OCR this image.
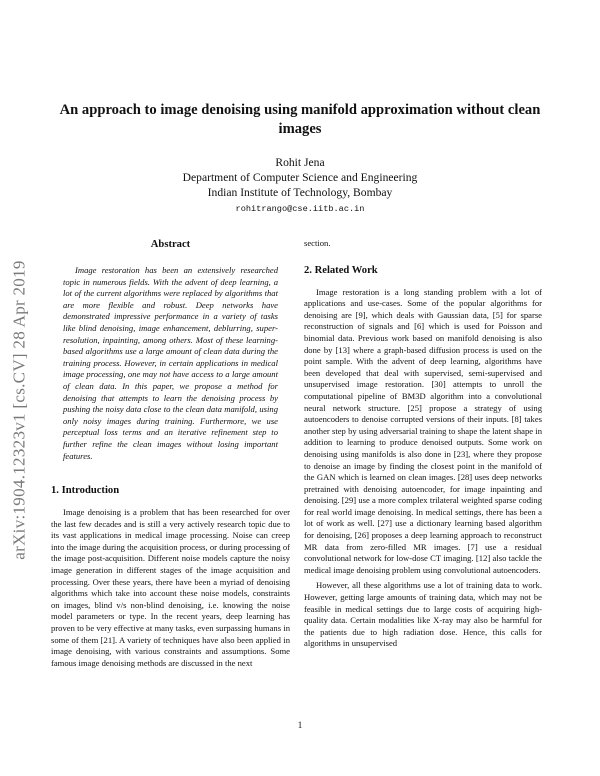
arXiv:1904.12323v1 [cs.CV] 28 Apr 2019
An approach to image denoising using manifold approximation without clean images
Rohit Jena
Department of Computer Science and Engineering
Indian Institute of Technology, Bombay
rohitrango@cse.iitb.ac.in
Abstract

Image restoration has been an extensively researched topic in numerous fields. With the advent of deep learning, a lot of the current algorithms were replaced by algorithms that are more flexible and robust. Deep networks have demonstrated impressive performance in a variety of tasks like blind denoising, image enhancement, deblurring, super-resolution, inpainting, among others. Most of these learning-based algorithms use a large amount of clean data during the training process. However, in certain applications in medical image processing, one may not have access to a large amount of clean data. In this paper, we propose a method for denoising that attempts to learn the denoising process by pushing the noisy data close to the clean data manifold, using only noisy images during training. Furthermore, we use perceptual loss terms and an iterative refinement step to further refine the clean images without losing important features.

1. Introduction

Image denoising is a problem that has been researched for over the last few decades and is still a very actively research topic due to its vast applications in medical image processing. Noise can creep into the image during the acquisition process, or during processing of the image post-acquisition. Different noise models capture the noisy image generation in different stages of the image acquisition and processing. Over these years, there have been a myriad of denoising algorithms which take into account these noise models, constraints on images, blind v/s non-blind denoising, i.e. knowing the noise model parameters or type. In the recent years, deep learning has proven to be very effective at many tasks, even surpassing humans in some of them [21]. A variety of techniques have also been applied in image denoising, with various constraints and assumptions. Some famous image denoising methods are discussed in the next

section.

2. Related Work

Image restoration is a long standing problem with a lot of applications and use-cases. Some of the popular algorithms for denoising are [9], which deals with Gaussian data, [5] for sparse reconstruction of signals and [6] which is used for Poisson and binomial data. Previous work based on manifold denoising is also done by [13] where a graph-based diffusion process is used on the point sample. With the advent of deep learning, algorithms have been developed that deal with supervised, semi-supervised and unsupervised image restoration. [30] attempts to unroll the computational pipeline of BM3D algorithm into a convolutional neural network structure. [25] propose a strategy of using autoencoders to denoise corrupted versions of their inputs. [8] takes another step by using adversarial training to shape the latent shape in addition to learning to produce denoised outputs. Some work on denoising using manifolds is also done in [23], where they propose to denoise an image by finding the closest point in the manifold of the GAN which is learned on clean images. [28] uses deep networks pretrained with denoising autoencoder, for image inpainting and denoising. [29] use a more complex trilateral weighted sparse coding for real world image denoising. In medical settings, there has been a lot of work as well. [27] use a dictionary learning based algorithm for denoising, [26] proposes a deep learning approach to reconstruct MR data from zero-filled MR images. [7] use a residual convolutional network for low-dose CT imaging. [12] also tackle the medical image denoising problem using convolutional autoencoders.

However, all these algorithms use a lot of training data to work. However, getting large amounts of training data, which may not be feasible in medical settings due to large costs of acquiring high-quality data. Certain modalities like X-ray may also be harmful for the patients due to high radiation dose. Hence, this calls for algorithms in unsupervised

1
